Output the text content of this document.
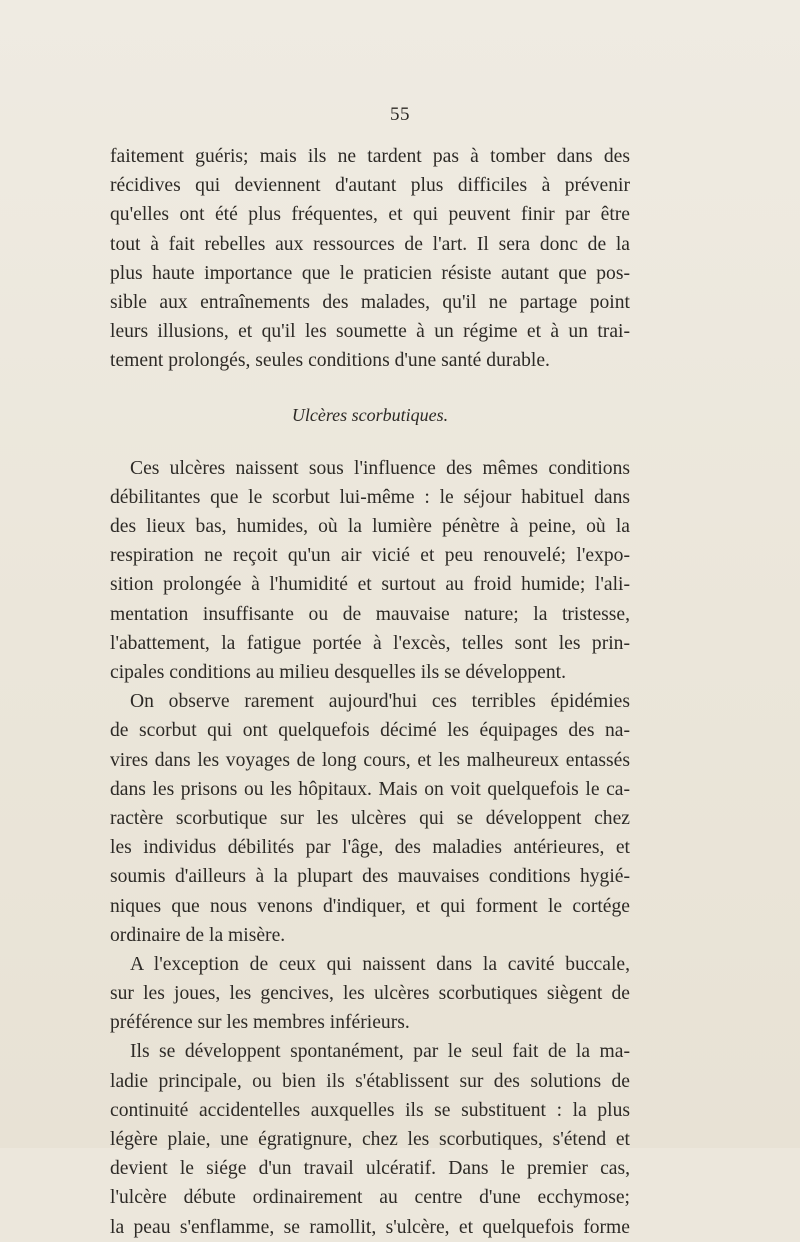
55
faitement guéris; mais ils ne tardent pas à tomber dans des
récidives qui deviennent d'autant plus difficiles à prévenir
qu'elles ont été plus fréquentes, et qui peuvent finir par être
tout à fait rebelles aux ressources de l'art. Il sera donc de la
plus haute importance que le praticien résiste autant que pos-
sible aux entraînements des malades, qu'il ne partage point
leurs illusions, et qu'il les soumette à un régime et à un trai-
tement prolongés, seules conditions d'une santé durable.
Ulcères scorbutiques.
Ces ulcères naissent sous l'influence des mêmes conditions
débilitantes que le scorbut lui-même : le séjour habituel dans
des lieux bas, humides, où la lumière pénètre à peine, où la
respiration ne reçoit qu'un air vicié et peu renouvelé; l'expo-
sition prolongée à l'humidité et surtout au froid humide; l'ali-
mentation insuffisante ou de mauvaise nature; la tristesse,
l'abattement, la fatigue portée à l'excès, telles sont les prin-
cipales conditions au milieu desquelles ils se développent.
On observe rarement aujourd'hui ces terribles épidémies
de scorbut qui ont quelquefois décimé les équipages des na-
vires dans les voyages de long cours, et les malheureux entassés
dans les prisons ou les hôpitaux. Mais on voit quelquefois le ca-
ractère scorbutique sur les ulcères qui se développent chez
les individus débilités par l'âge, des maladies antérieures, et
soumis d'ailleurs à la plupart des mauvaises conditions hygié-
niques que nous venons d'indiquer, et qui forment le cortége
ordinaire de la misère.
A l'exception de ceux qui naissent dans la cavité buccale,
sur les joues, les gencives, les ulcères scorbutiques siègent de
préférence sur les membres inférieurs.
Ils se développent spontanément, par le seul fait de la ma-
ladie principale, ou bien ils s'établissent sur des solutions de
continuité accidentelles auxquelles ils se substituent : la plus
légère plaie, une égratignure, chez les scorbutiques, s'étend et
devient le siége d'un travail ulcératif. Dans le premier cas,
l'ulcère débute ordinairement au centre d'une ecchymose;
la peau s'enflamme, se ramollit, s'ulcère, et quelquefois forme
